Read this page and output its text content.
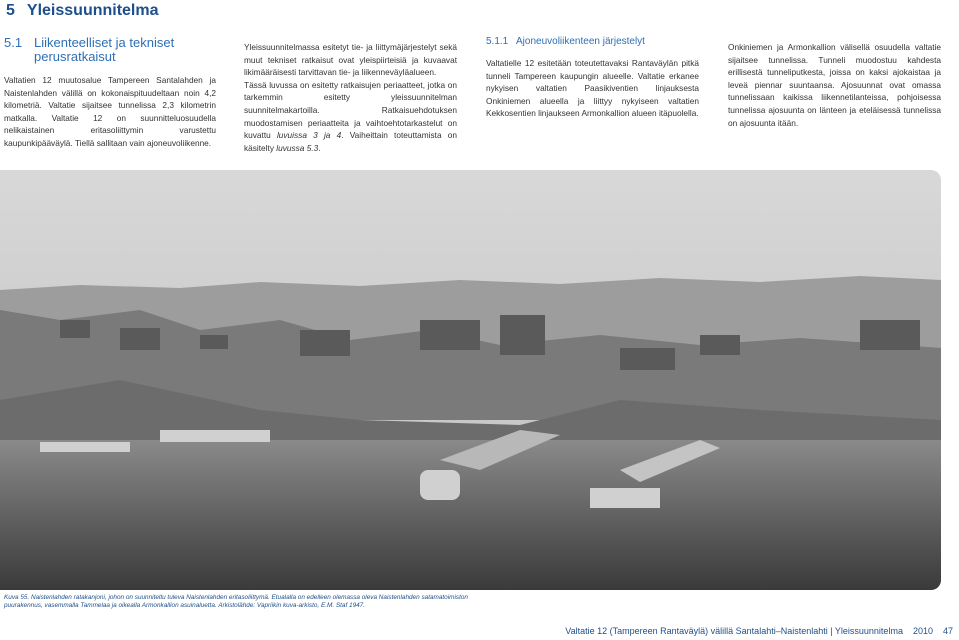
5 Yleissuunnitelma
5.1 Liikenteelliset ja tekniset perusratkaisut

Valtatien 12 muutosalue Tampereen Santalahden ja Naistenlahden välillä on kokonaispituudeltaan noin 4,2 kilometriä. Valtatie sijaitsee tunnelissa 2,3 kilometrin matkalla. Valtatie 12 on suunnitteluosuudella nelikaistainen eritasoliittymin varustettu kaupunkipääväylä. Tiellä sallitaan vain ajoneuvoliikenne.

Yleissuunnitelmassa esitetyt tie- ja liittymäjärjestelyt sekä muut tekniset ratkaisut ovat yleispiirteisiä ja kuvaavat likimääräisesti tarvittavan tie- ja liikenneväyläalueen.

Tässä luvussa on esitetty ratkaisujen periaatteet, jotka on tarkemmin esitetty yleissuunnitelman suunnitelmakartoilla. Ratkaisuehdotuksen muodostamisen periaatteita ja vaihtoehtotarkastelut on kuvattu luvuissa 3 ja 4. Vaiheittain toteuttamista on käsitelty luvussa 5.3.

5.1.1 Ajoneuvoliikenteen järjestelyt

Valtatielle 12 esitetään toteutettavaksi Rantaväylän pitkä tunneli Tampereen kaupungin alueelle. Valtatie erkanee nykyisen valtatien Paasikiventien linjauksesta Onkiniemen alueella ja liittyy nykyiseen valtatien Kekkosentien linjaukseen Armonkallion alueen itäpuolella.

Onkiniemen ja Armonkallion välisellä osuudella valtatie sijaitsee tunnelissa. Tunneli muodostuu kahdesta erillisestä tunneliputkesta, joissa on kaksi ajokaistaa ja leveä piennar suuntaansa. Ajosuunnat ovat omassa tunnelissaan kaikissa liikennetilanteissa, pohjoisessa tunnelissa ajosuunta on länteen ja eteläisessä tunnelissa on ajosuunta itään.

Kuva 55. Naistenlahden ratakanjoni, johon on suunniteltu tuleva Naistenlahden eritasoliittymä. Etualalla on edelleen olemassa oleva Naistenlahden satamatoimiston puurakennus, vasemmalla Tammelaa ja oikealla Armonkallion asuinaluetta. Arkistolähde: Vapriikin kuva-arkisto, E.M. Staf 1947.
Valtatie 12 (Tampereen Rantaväylä) välillä Santalahti–Naistenlahti | Yleissuunnitelma 2010 47
